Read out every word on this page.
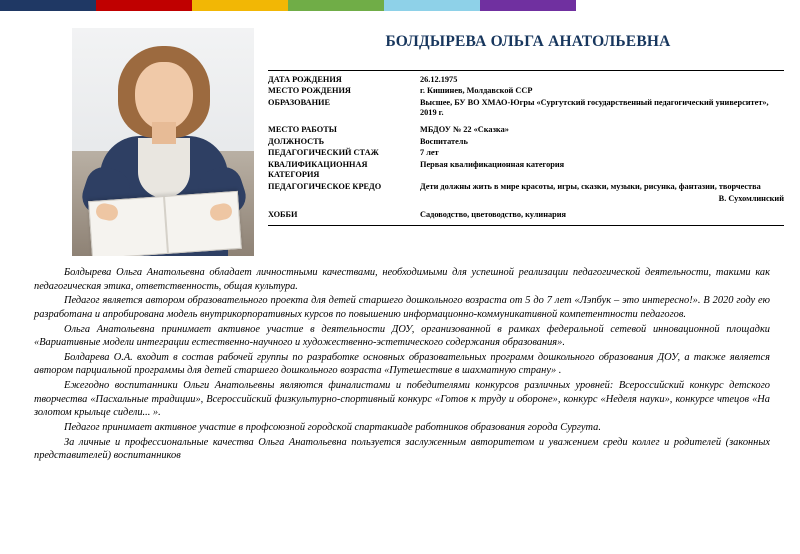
БОЛДЫРЕВА ОЛЬГА АНАТОЛЬЕВНА
ДАТА РОЖДЕНИЯ	26.12.1975
МЕСТО РОЖДЕНИЯ	г. Кишинев, Молдавской ССР
ОБРАЗОВАНИЕ	Высшее, БУ ВО ХМАО-Югры «Сургутский государственный педагогический университет», 2019 г.

МЕСТО РАБОТЫ	МБДОУ № 22 «Сказка»
ДОЛЖНОСТЬ	Воспитатель
ПЕДАГОГИЧЕСКИЙ СТАЖ	7 лет
КВАЛИФИКАЦИОННАЯ КАТЕГОРИЯ	Первая квалификационная категория
ПЕДАГОГИЧЕСКОЕ КРЕДО	Дети должны жить в мире красоты, игры, сказки, музыки, рисунка, фантазии, творчества
	В. Сухомлинский

ХОББИ	Садоводство, цветоводство, кулинария

Болдырева Ольга Анатольевна обладает личностными качествами, необходимыми для успешной реализации педагогической деятельности, такими как педагогическая этика, ответственность, общая культура.

Педагог является автором образовательного проекта для детей старшего дошкольного возраста от 5 до 7 лет «Лэпбук – это интересно!». В 2020 году ею разработана и апробирована модель внутрикорпоративных курсов по повышению информационно-коммуникативной компетентности педагогов.

Ольга Анатольевна принимает активное участие в деятельности ДОУ, организованной в рамках федеральной сетевой инновационной площадки «Вариативные модели интеграции естественно-научного и художественно-эстетического содержания образования».

Болдарева О.А. входит в состав рабочей группы по разработке основных образовательных программ дошкольного образования ДОУ, а также является автором парциальной программы для детей старшего дошкольного возраста «Путешествие в шахматную страну» .

Ежегодно воспитанники Ольги Анатольевны являются финалистами и победителями конкурсов различных уровней: Всероссийский конкурс детского творчества «Пасхальные традиции», Всероссийский физкультурно-спортивный конкурс «Готов к труду и обороне», конкурс «Неделя науки», конкурсе чтецов «На золотом крыльце сидели... ».

Педагог принимает активное участие в профсоюзной городской спартакиаде работников образования города Сургута.

За личные и профессиональные качества Ольга Анатольевна пользуется заслуженным авторитетом и уважением среди коллег и родителей (законных представителей) воспитанников
